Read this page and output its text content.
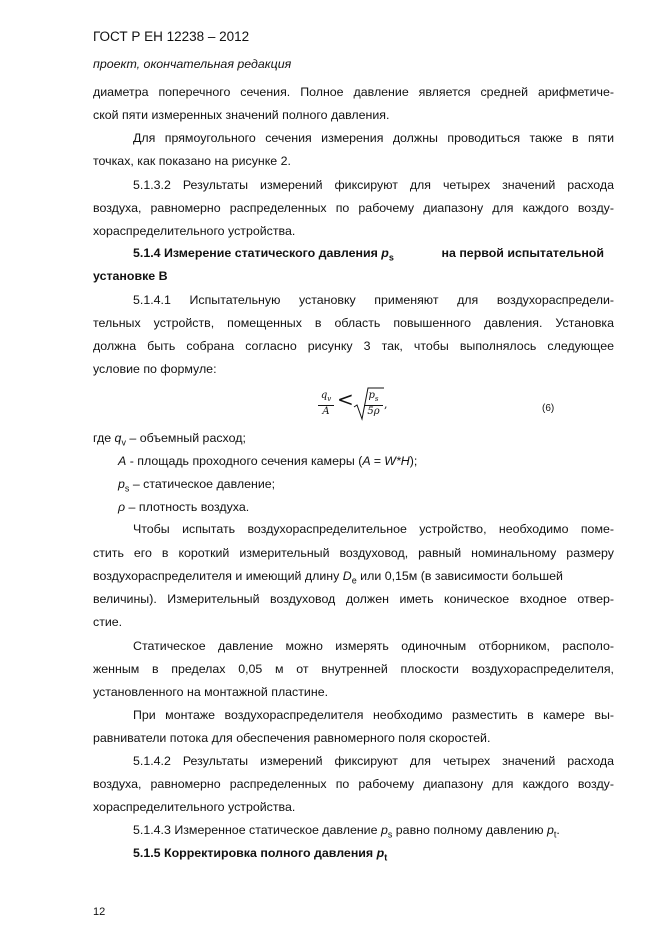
ГОСТ Р ЕН 12238 – 2012
проект, окончательная редакция
диаметра поперечного сечения. Полное давление является средней арифметиче-
ской пяти измеренных значений полного давления.
Для прямоугольного сечения измерения должны проводиться также в пяти
точках, как показано на рисунке 2.
5.1.3.2 Результаты измерений фиксируют для четырех значений расхода
воздуха, равномерно распределенных по рабочему диапазону для каждого возду-
хораспределительного устройства.
5.1.4 Измерение статического давления $p_s$	на первой испытательной
установке В
5.1.4.1 Испытательную установку применяют для воздухораспредели-
тельных устройств, помещенных в область повышенного давления. Установка
должна быть собрана согласно рисунку 3 так, чтобы выполнялось следующее
условие по формуле:
$\frac{q_v}{A} < \frac{p_s}{5\rho}$ ,	(6)
где $q_v$ – объемный расход;
A - площадь проходного сечения камеры (A = W*H);
$p_s$ – статическое давление;
ρ – плотность воздуха.
Чтобы испытать воздухораспределительное устройство, необходимо поме-
стить его в короткий измерительный воздуховод, равный номинальному размеру
воздухораспределителя и имеющий длину $D_e$ или 0,15м (в зависимости большей
величины). Измерительный воздуховод должен иметь коническое входное отвер-
стие.
Статическое давление можно измерять одиночным отборником, располо-
женным в пределах 0,05 м от внутренней плоскости воздухораспределителя,
установленного на монтажной пластине.
При монтаже воздухораспределителя необходимо разместить в камере вы-
равниватели потока для обеспечения равномерного поля скоростей.
5.1.4.2 Результаты измерений фиксируют для четырех значений расхода
воздуха, равномерно распределенных по рабочему диапазону для каждого возду-
хораспределительного устройства.
5.1.4.3 Измеренное статическое давление $p_s$ равно полному давлению $p_t$.
5.1.5 Корректировка полного давления $p_t$
12
